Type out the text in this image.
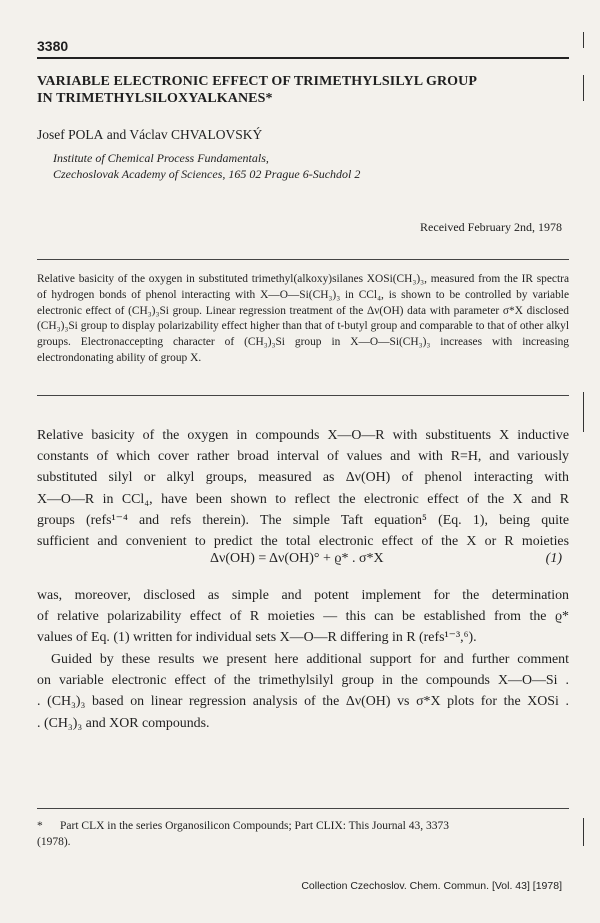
3380
VARIABLE ELECTRONIC EFFECT OF TRIMETHYLSILYL GROUP
IN TRIMETHYLSILOXYALKANES*
Josef POLA and Václav CHVALOVSKÝ
Institute of Chemical Process Fundamentals,
Czechoslovak Academy of Sciences, 165 02 Prague 6-Suchdol 2
Received February 2nd, 1978
Relative basicity of the oxygen in substituted trimethyl(alkoxy)silanes XOSi(CH₃)₃, measured from the IR spectra of hydrogen bonds of phenol interacting with X—O—Si(CH₃)₃ in CCl₄, is shown to be controlled by variable electronic effect of (CH₃)₃Si group. Linear regression treatment of the Δν(OH) data with parameter σ*X disclosed (CH₃)₃Si group to display polarizability effect higher than that of t-butyl group and comparable to that of other alkyl groups. Electronaccepting character of (CH₃)₃Si group in X—O—Si(CH₃)₃ increases with increasing electrondonating ability of group X.
Relative basicity of the oxygen in compounds X—O—R with substituents X inductive
constants of which cover rather broad interval of values and with R=H, and variously
substituted silyl or alkyl groups, measured as Δν(OH) of phenol interacting with
X—O—R in CCl₄, have been shown to reflect the electronic effect of the X and R
groups (refs¹⁻⁴ and refs therein). The simple Taft equation⁵ (Eq. 1), being quite
sufficient and convenient to predict the total electronic effect of the X or R moieties
Δν(OH) = Δν(OH)° + ϱ* . σ*X	(1)
was, moreover, disclosed as simple and potent implement for the determination
of relative polarizability effect of R moieties — this can be established from the ϱ*
values of Eq. (1) written for individual sets X—O—R differing in R (refs¹⁻³,⁶).
Guided by these results we present here additional support for and further comment
on variable electronic effect of the trimethylsilyl group in the compounds X—O—Si .
. (CH₃)₃ based on linear regression analysis of the Δν(OH) vs σ*X plots for the XOSi .
. (CH₃)₃ and XOR compounds.
*      Part CLX in the series Organosilicon Compounds; Part CLIX: This Journal 43, 3373
(1978).
Collection Czechoslov. Chem. Commun. [Vol. 43] [1978]
